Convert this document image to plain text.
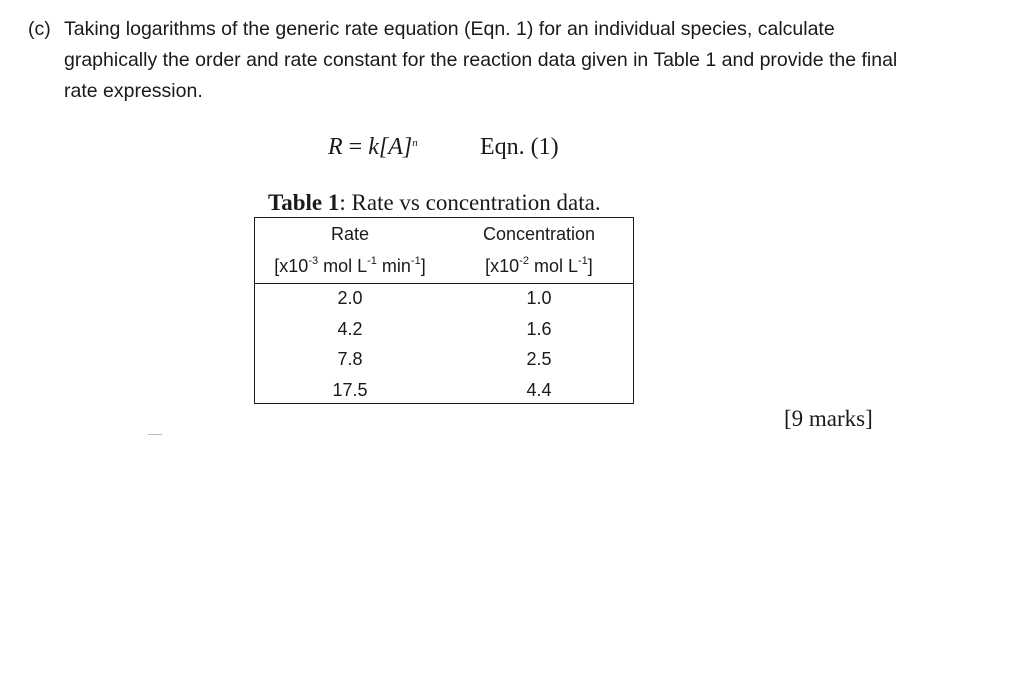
(c) Taking logarithms of the generic rate equation (Eqn. 1) for an individual species, calculate graphically the order and rate constant for the reaction data given in Table 1 and provide the final rate expression.
$R = k[A]^n$	Eqn. (1)
Table 1: Rate vs concentration data.
Rate	Concentration
[$x10^{-3}$ mol $L^{-1}$ $\min^{-1}$]	[$x10^{-2}$ mol $L^{-1}$]
2.0	1.0
4.2	1.6
7.8	2.5
17.5	4.4
[9 marks]
